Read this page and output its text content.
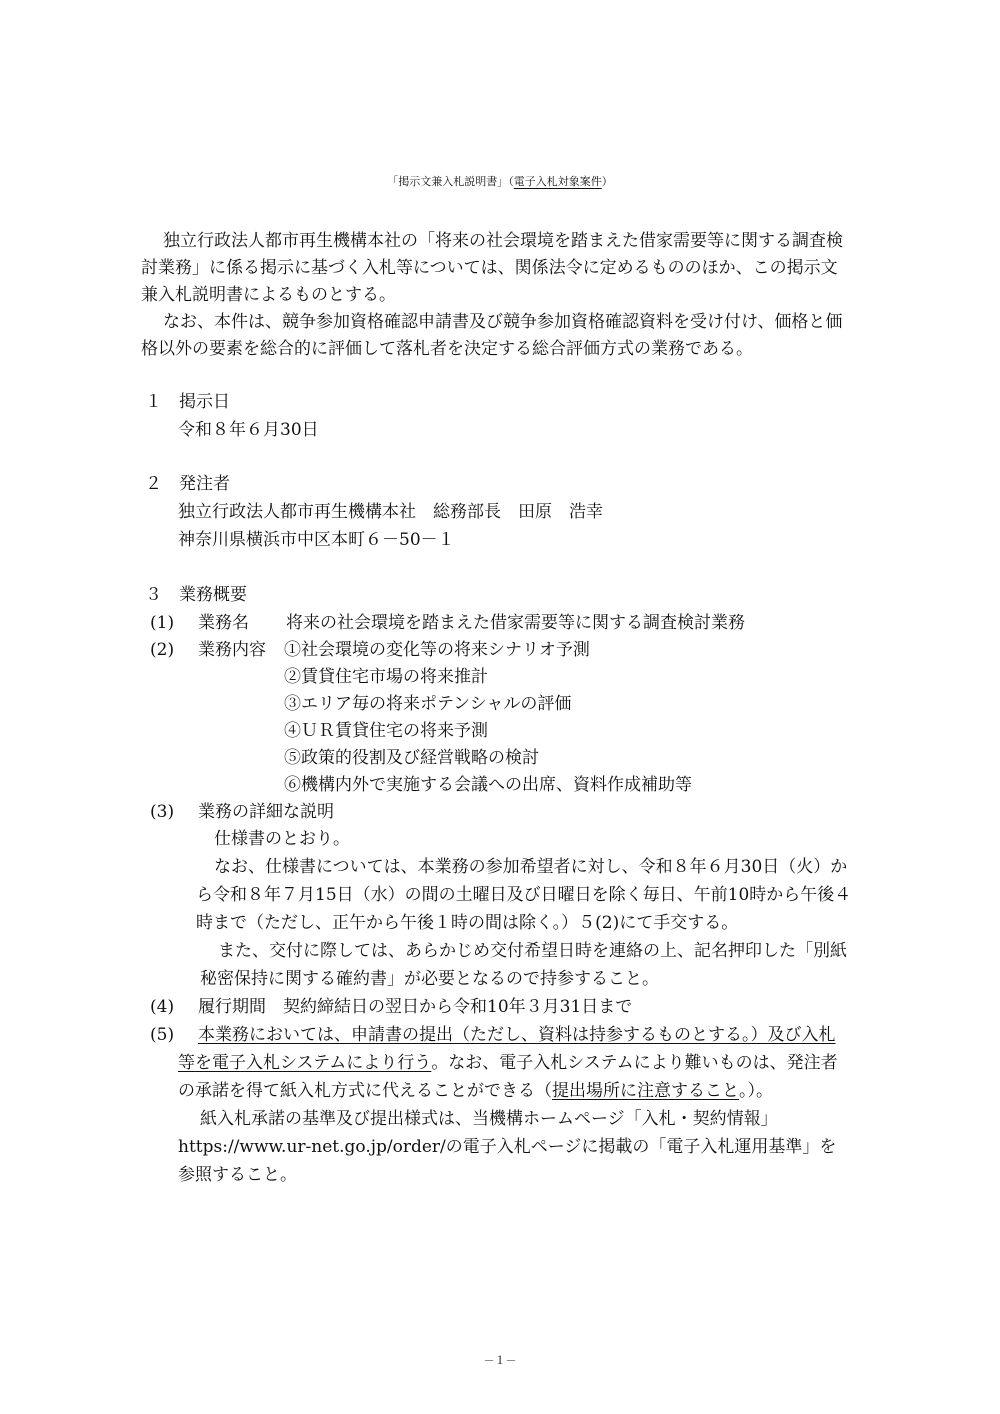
「掲示文兼入札説明書」（電子入札対象案件）
独立行政法人都市再生機構本社の「将来の社会環境を踏まえた借家需要等に関する調査検
討業務」に係る掲示に基づく入札等については、関係法令に定めるもののほか、この掲示文
兼入札説明書によるものとする。
なお、本件は、競争参加資格確認申請書及び競争参加資格確認資料を受け付け、価格と価
格以外の要素を総合的に評価して落札者を決定する総合評価方式の業務である。
１　掲示日
令和８年６月30日
２　発注者
独立行政法人都市再生機構本社　総務部長　田原　浩幸
神奈川県横浜市中区本町６－50－１
３　業務概要
(1) 業務名 将来の社会環境を踏まえた借家需要等に関する調査検討業務
(2) 業務内容 ①社会環境の変化等の将来シナリオ予測
②賃貸住宅市場の将来推計
③エリア毎の将来ポテンシャルの評価
④ＵＲ賃貸住宅の将来予測
⑤政策的役割及び経営戦略の検討
⑥機構内外で実施する会議への出席、資料作成補助等
(3) 業務の詳細な説明
仕様書のとおり。
なお、仕様書については、本業務の参加希望者に対し、令和８年６月30日（火）か
ら令和８年７月15日（水）の間の土曜日及び日曜日を除く毎日、午前10時から午後４
時まで（ただし、正午から午後１時の間は除く。）５(2)にて手交する。
また、交付に際しては、あらかじめ交付希望日時を連絡の上、記名押印した「別紙
秘密保持に関する確約書」が必要となるので持参すること。
(4) 履行期間　契約締結日の翌日から令和10年３月31日まで
(5) 本業務においては、申請書の提出（ただし、資料は持参するものとする。）及び入札
等を電子入札システムにより行う。なお、電子入札システムにより難いものは、発注者
の承諾を得て紙入札方式に代えることができる（提出場所に注意すること。）。
紙入札承諾の基準及び提出様式は、当機構ホームページ「入札・契約情報」
https://www.ur-net.go.jp/order/の電子入札ページに掲載の「電子入札運用基準」を
参照すること。
－１－
